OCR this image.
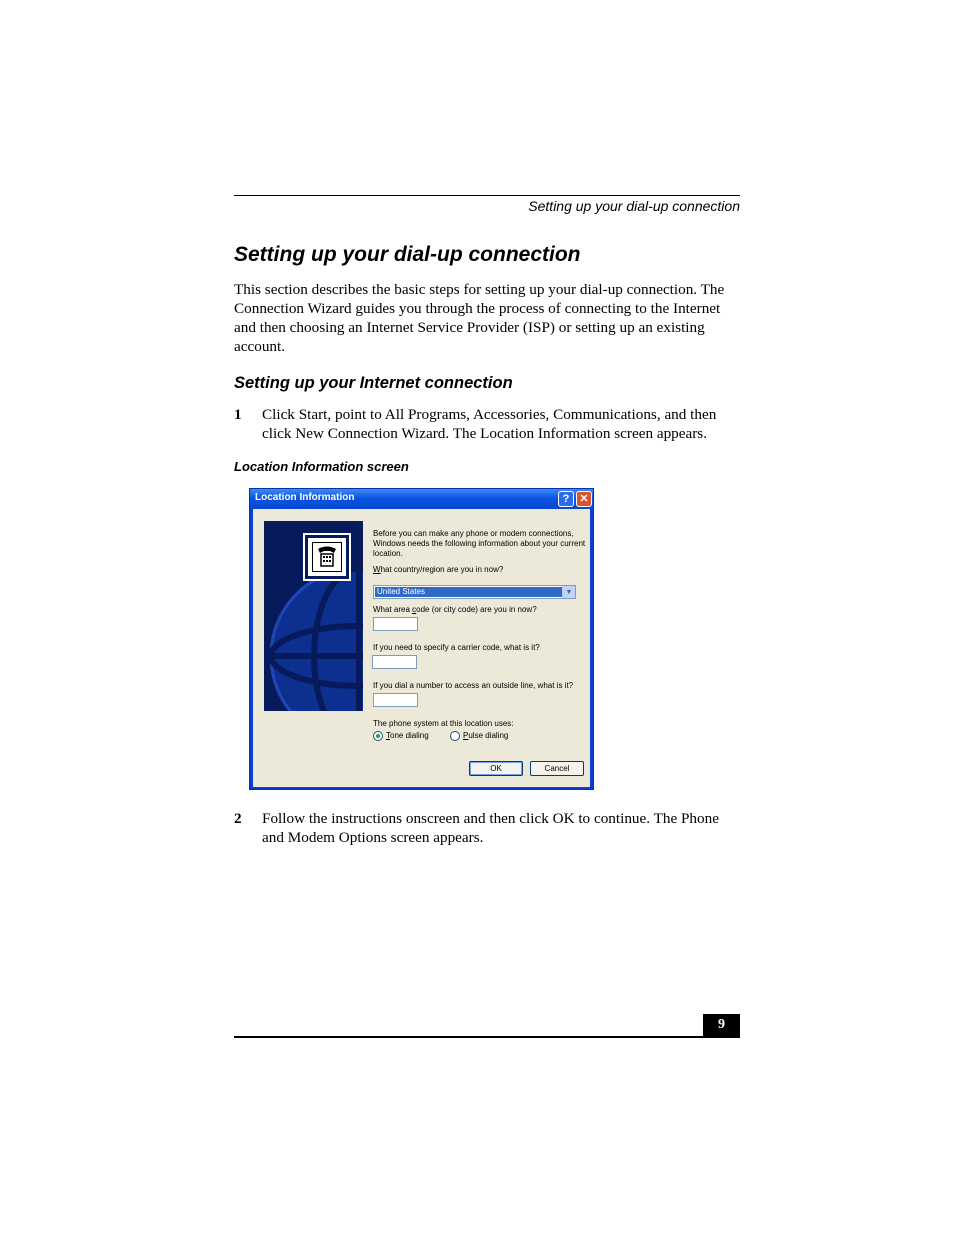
Setting up your dial-up connection
Setting up your dial-up connection

This section describes the basic steps for setting up your dial-up connection. The Connection Wizard guides you through the process of connecting to the Internet and then choosing an Internet Service Provider (ISP) or setting up an existing account.

Setting up your Internet connection
1	Click Start, point to All Programs, Accessories, Communications, and then click New Connection Wizard. The Location Information screen appears.
Location Information screen
Location Information	? ✕
Before you can make any phone or modem connections, Windows needs the following information about your current location.
What country/region are you in now?
United States	▼
What area code (or city code) are you in now?
If you need to specify a carrier code, what is it?
If you dial a number to access an outside line, what is it?
The phone system at this location uses:
Tone dialing	Pulse dialing
OK	Cancel
2	Follow the instructions onscreen and then click OK to continue. The Phone and Modem Options screen appears.
9
